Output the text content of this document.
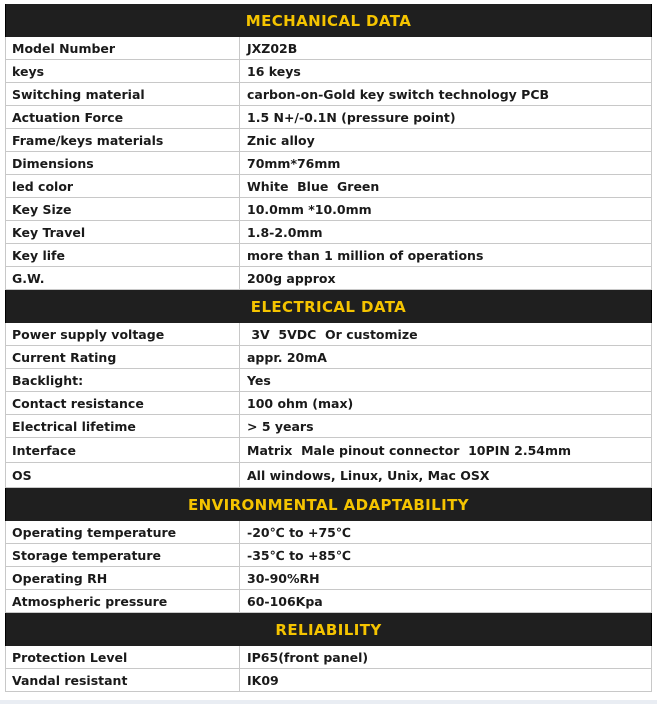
MECHANICAL DATA
Model Number	JXZ02B
keys	16 keys
Switching material	carbon-on-Gold key switch technology PCB
Actuation Force	1.5 N+/-0.1N (pressure point)
Frame/keys materials	Znic alloy
Dimensions	70mm*76mm
led color	White  Blue  Green
Key Size	10.0mm *10.0mm
Key Travel	1.8-2.0mm
Key life	more than 1 million of operations
G.W.	200g approx
ELECTRICAL DATA
Power supply voltage	3V  5VDC  Or customize
Current Rating	appr. 20mA
Backlight:	Yes
Contact resistance	100 ohm (max)
Electrical lifetime	> 5 years
Interface	Matrix  Male pinout connector  10PIN 2.54mm
OS	All windows, Linux, Unix, Mac OSX
ENVIRONMENTAL ADAPTABILITY
Operating temperature	-20℃ to +75℃
Storage temperature	-35℃ to +85℃
Operating RH	30-90%RH
Atmospheric pressure	60-106Kpa
RELIABILITY
Protection Level	IP65(front panel)
Vandal resistant	IK09
